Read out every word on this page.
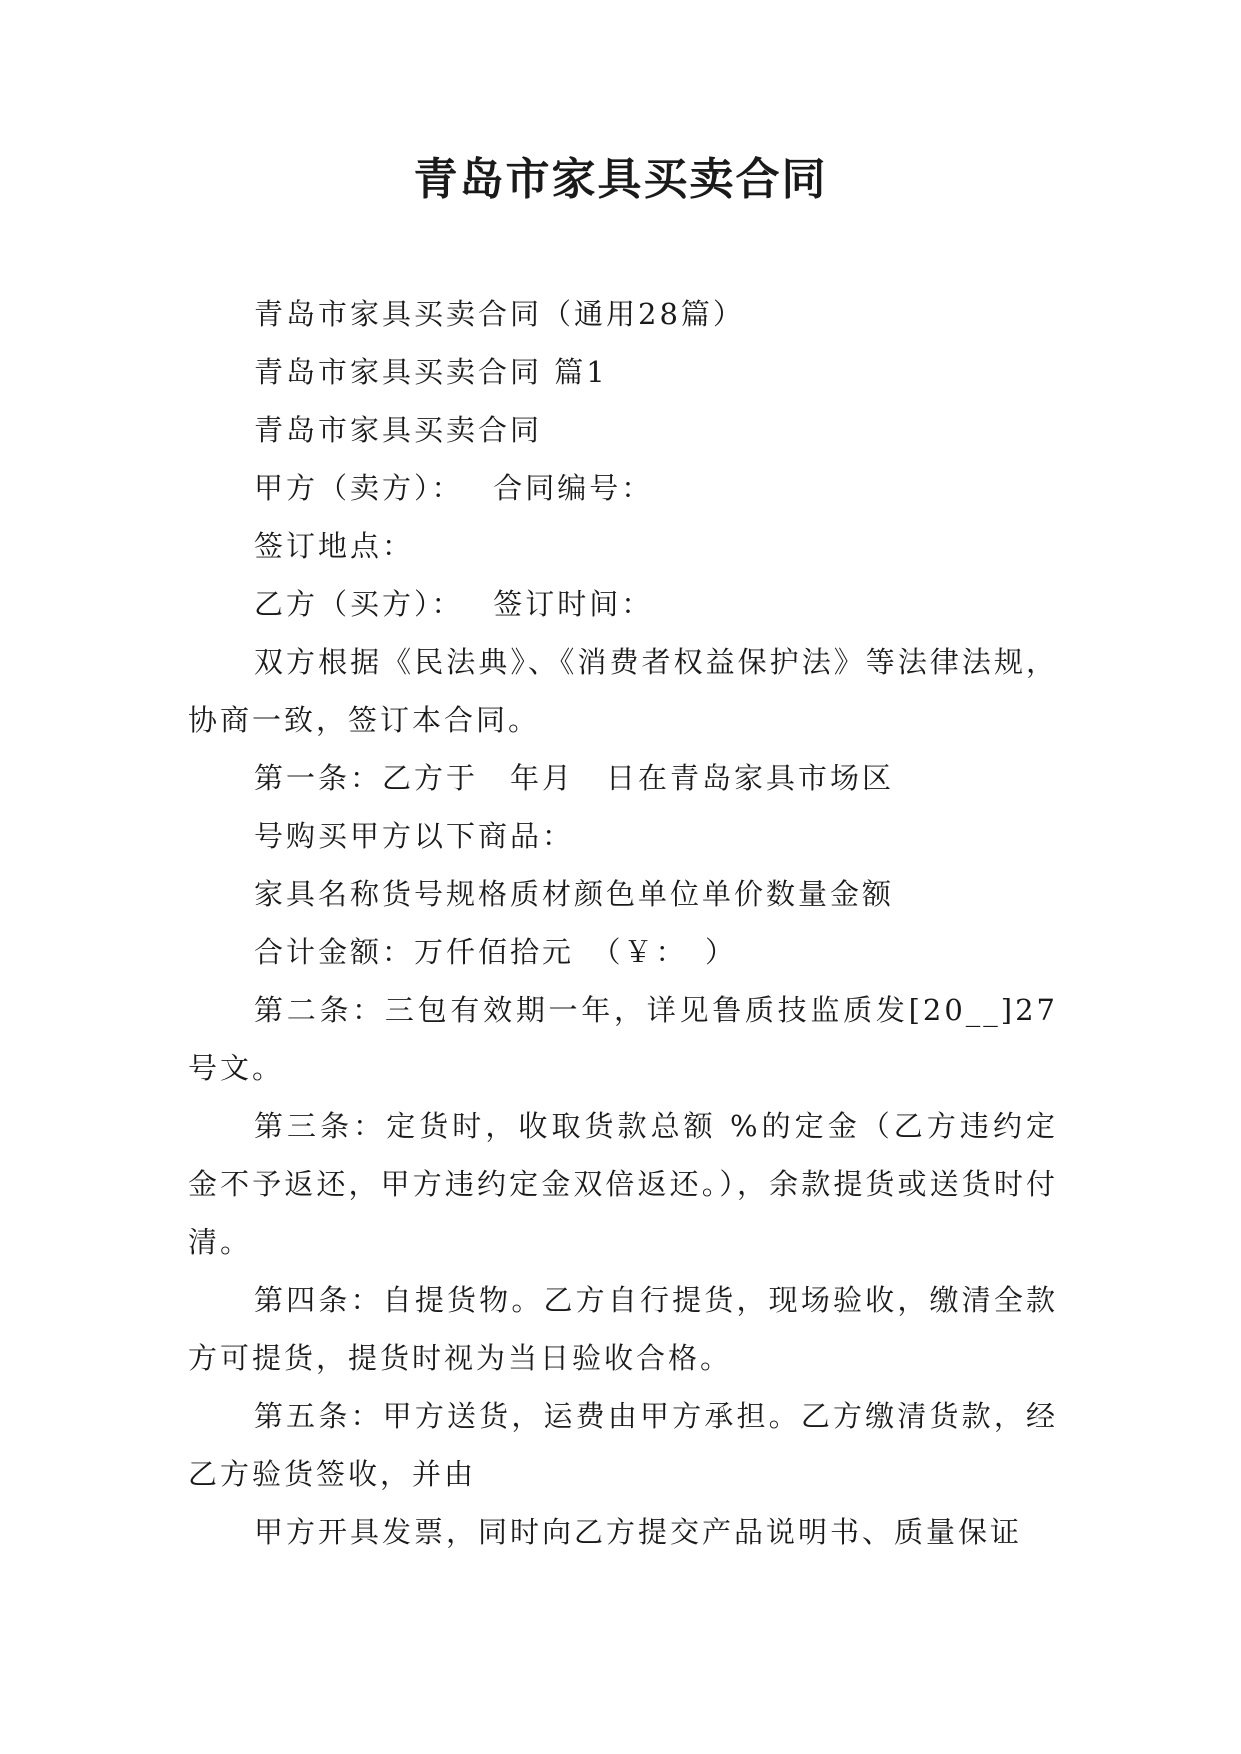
青岛市家具买卖合同

青岛市家具买卖合同（通用28篇）

青岛市家具买卖合同 篇1

青岛市家具买卖合同

甲方（卖方）：　 合同编号：

签订地点：

乙方（买方）：　 签订时间：

双方根据《民法典》、《消费者权益保护法》等法律法规，协商一致，签订本合同。

第一条：乙方于　年月　日在青岛家具市场区

号购买甲方以下商品：

家具名称货号规格质材颜色单位单价数量金额

合计金额：万仟佰拾元　（￥：　）

第二条：三包有效期一年，详见鲁质技监质发[20__]27号文。

第三条：定货时，收取货款总额 %的定金（乙方违约定金不予返还，甲方违约定金双倍返还。），余款提货或送货时付清。

第四条：自提货物。乙方自行提货，现场验收，缴清全款方可提货，提货时视为当日验收合格。

第五条：甲方送货，运费由甲方承担。乙方缴清货款，经乙方验货签收，并由

甲方开具发票，同时向乙方提交产品说明书、质量保证
